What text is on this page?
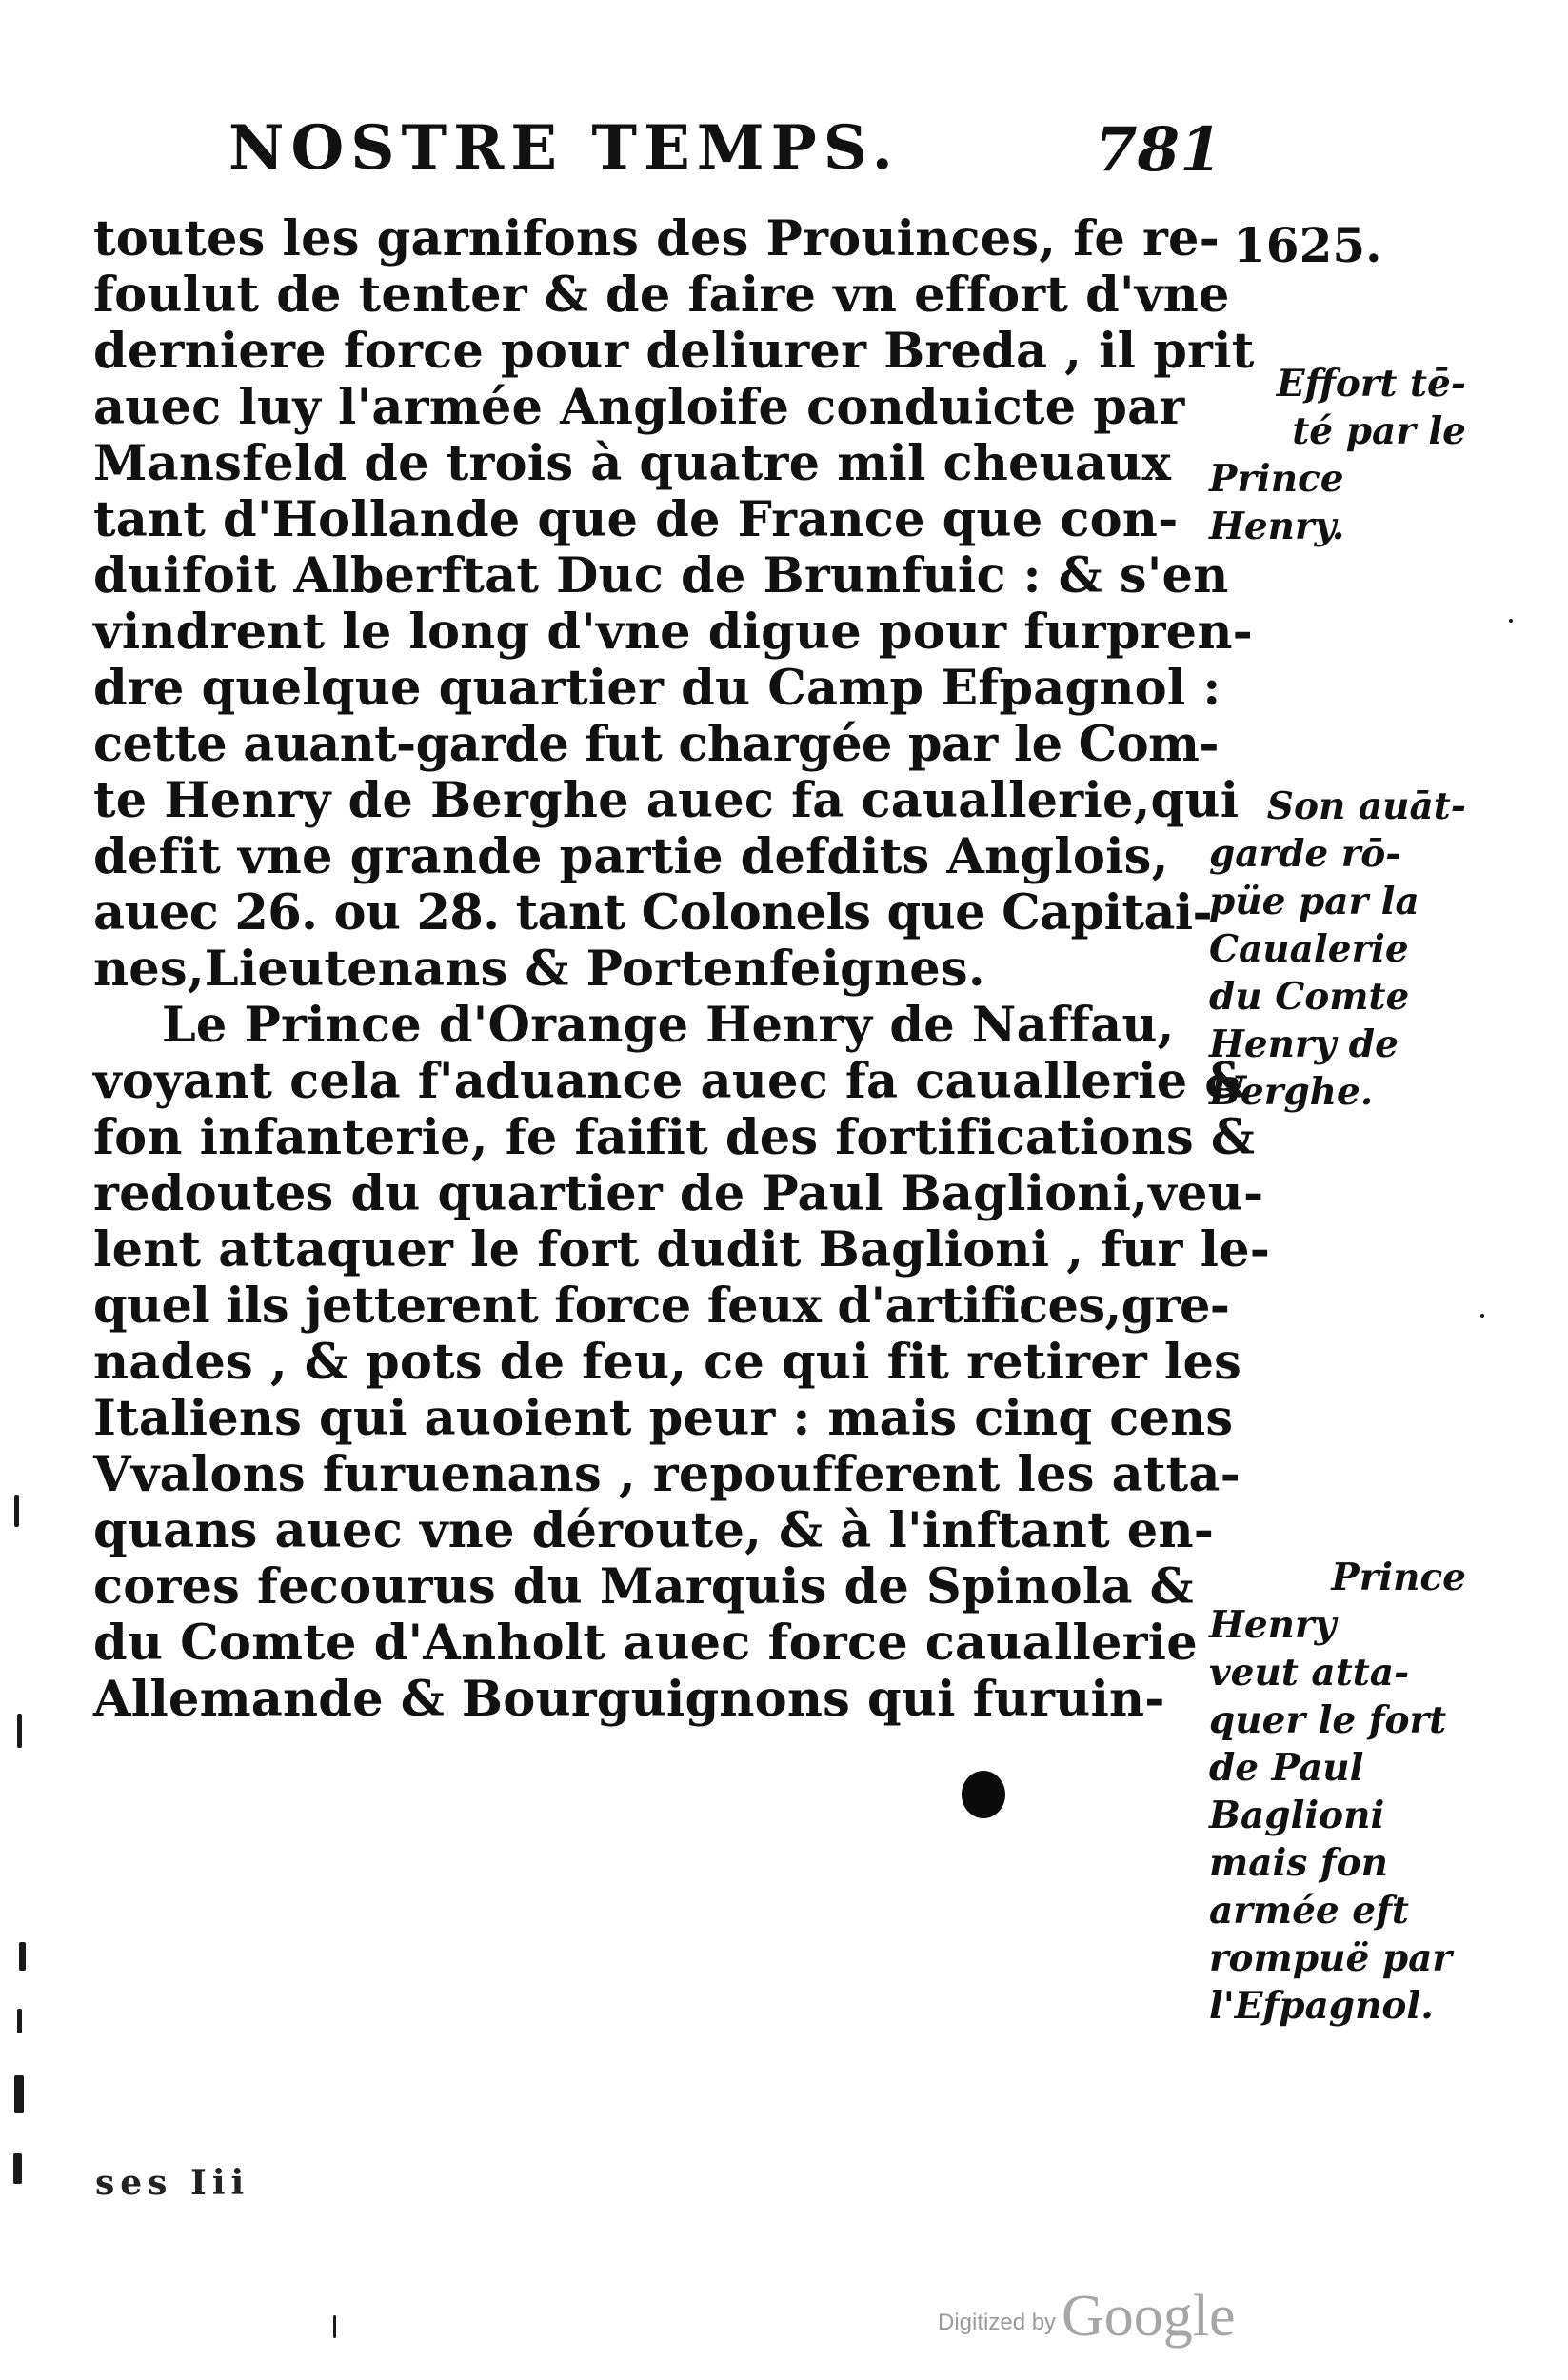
NOSTRE TEMPS.	781
1625.
toutes les garnifons des Prouinces, fe re-
foulut de tenter & de faire vn effort d'vne
derniere force pour deliurer Breda , il prit
auec luy l'armée Angloife conduicte par
Mansfeld de trois à quatre mil cheuaux
tant d'Hollande que de France que con-
duifoit Alberftat Duc de Brunfuic : & s'en
vindrent le long d'vne digue pour furpren-
dre quelque quartier du Camp Efpagnol :
cette auant-garde fut chargée par le Com-
te Henry de Berghe auec fa cauallerie,qui
defit vne grande partie defdits Anglois,
auec 26. ou 28. tant Colonels que Capitai-
nes,Lieutenans & Portenfeignes.
Le Prince d'Orange Henry de Naffau,
voyant cela f'aduance auec fa cauallerie &
fon infanterie, fe faifit des fortifications &
redoutes du quartier de Paul Baglioni,veu-
lent attaquer le fort dudit Baglioni , fur le-
quel ils jetterent force feux d'artifices,gre-
nades , & pots de feu, ce qui fit retirer les
Italiens qui auoient peur : mais cinq cens
Vvalons furuenans , repoufferent les atta-
quans auec vne déroute, & à l'inftant en-
cores fecourus du Marquis de Spinola &
du Comte d'Anholt auec force cauallerie
Allemande & Bourguignons qui furuin-
Effort tē-
té par le
Prince
Henry.
Son auāt-
garde rō-
püe par la
Caualerie
du Comte
Henry de
Berghe.
Prince
Henry
veut atta-
quer le fort
de Paul
Baglioni
mais fon
armée eft
rompuë par
l'Efpagnol.
ses Iii
Digitized by Google
